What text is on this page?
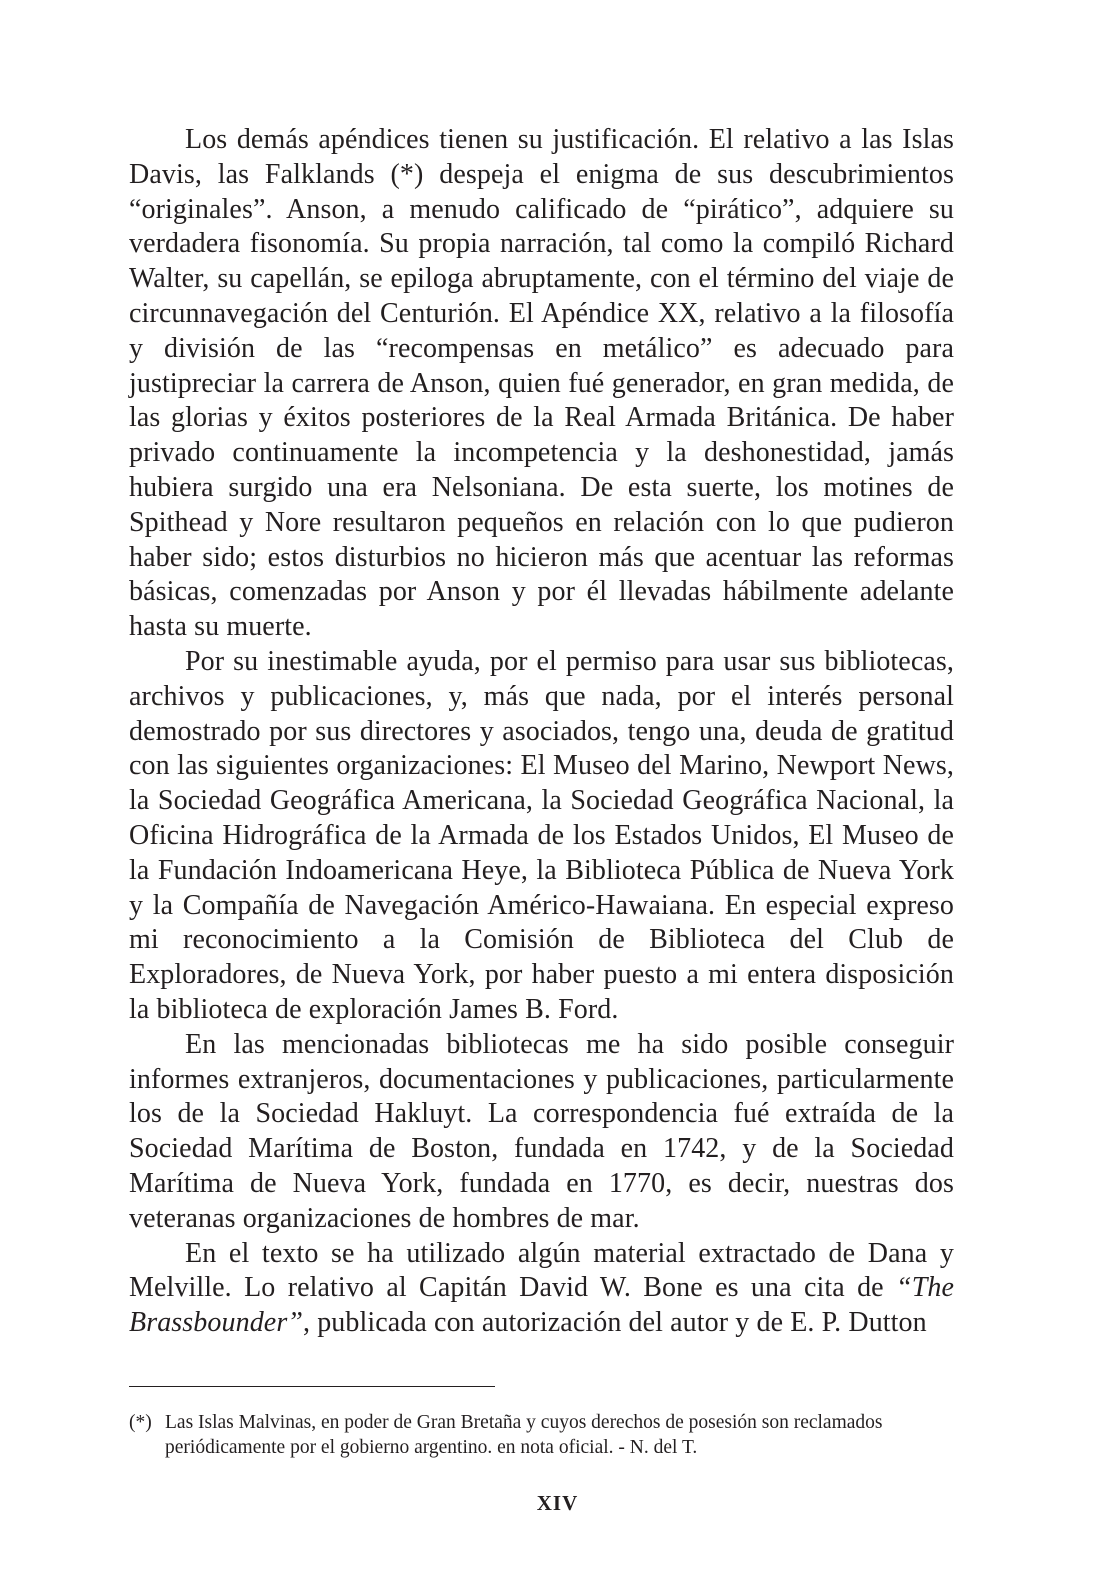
Los demás apéndices tienen su justificación. El relativo a las Islas Davis, las Falklands (*) despeja el enigma de sus descubrimientos “originales”. Anson, a menudo calificado de “pirático”, adquiere su verdadera fisonomía. Su propia narración, tal como la compiló Richard Walter, su capellán, se epiloga abruptamente, con el término del viaje de circunnavegación del Centurión. El Apéndice XX, relativo a la filosofía y división de las “recompensas en metálico” es adecuado para justipreciar la carrera de Anson, quien fué generador, en gran medida, de las glorias y éxitos posteriores de la Real Armada Británica. De haber privado continuamente la incompetencia y la deshonestidad, jamás hubiera surgido una era Nelsoniana. De esta suerte, los motines de Spithead y Nore resultaron pequeños en relación con lo que pudieron haber sido; estos disturbios no hicieron más que acentuar las reformas básicas, comenzadas por Anson y por él llevadas hábilmente adelante hasta su muerte.

Por su inestimable ayuda, por el permiso para usar sus bibliotecas, archivos y publicaciones, y, más que nada, por el interés personal demostrado por sus directores y asociados, tengo una, deuda de gratitud con las siguientes organizaciones: El Museo del Marino, Newport News, la Sociedad Geográfica Americana, la Sociedad Geográfica Nacional, la Oficina Hidrográfica de la Armada de los Estados Unidos, El Museo de la Fundación Indoamericana Heye, la Biblioteca Pública de Nueva York y la Compañía de Navegación Américo-Hawaiana. En especial expreso mi reconocimiento a la Comisión de Biblioteca del Club de Exploradores, de Nueva York, por haber puesto a mi entera disposición la biblioteca de exploración James B. Ford.

En las mencionadas bibliotecas me ha sido posible conseguir informes extranjeros, documentaciones y publicaciones, particularmente los de la Sociedad Hakluyt. La correspondencia fué extraída de la Sociedad Marítima de Boston, fundada en 1742, y de la Sociedad Marítima de Nueva York, fundada en 1770, es decir, nuestras dos veteranas organizaciones de hombres de mar.

En el texto se ha utilizado algún material extractado de Dana y Melville. Lo relativo al Capitán David W. Bone es una cita de “The Brassbounder”, publicada con autorización del autor y de E. P. Dutton

(*) Las Islas Malvinas, en poder de Gran Bretaña y cuyos derechos de posesión son reclamados periódicamente por el gobierno argentino. en nota oficial. - N. del T.
XIV
